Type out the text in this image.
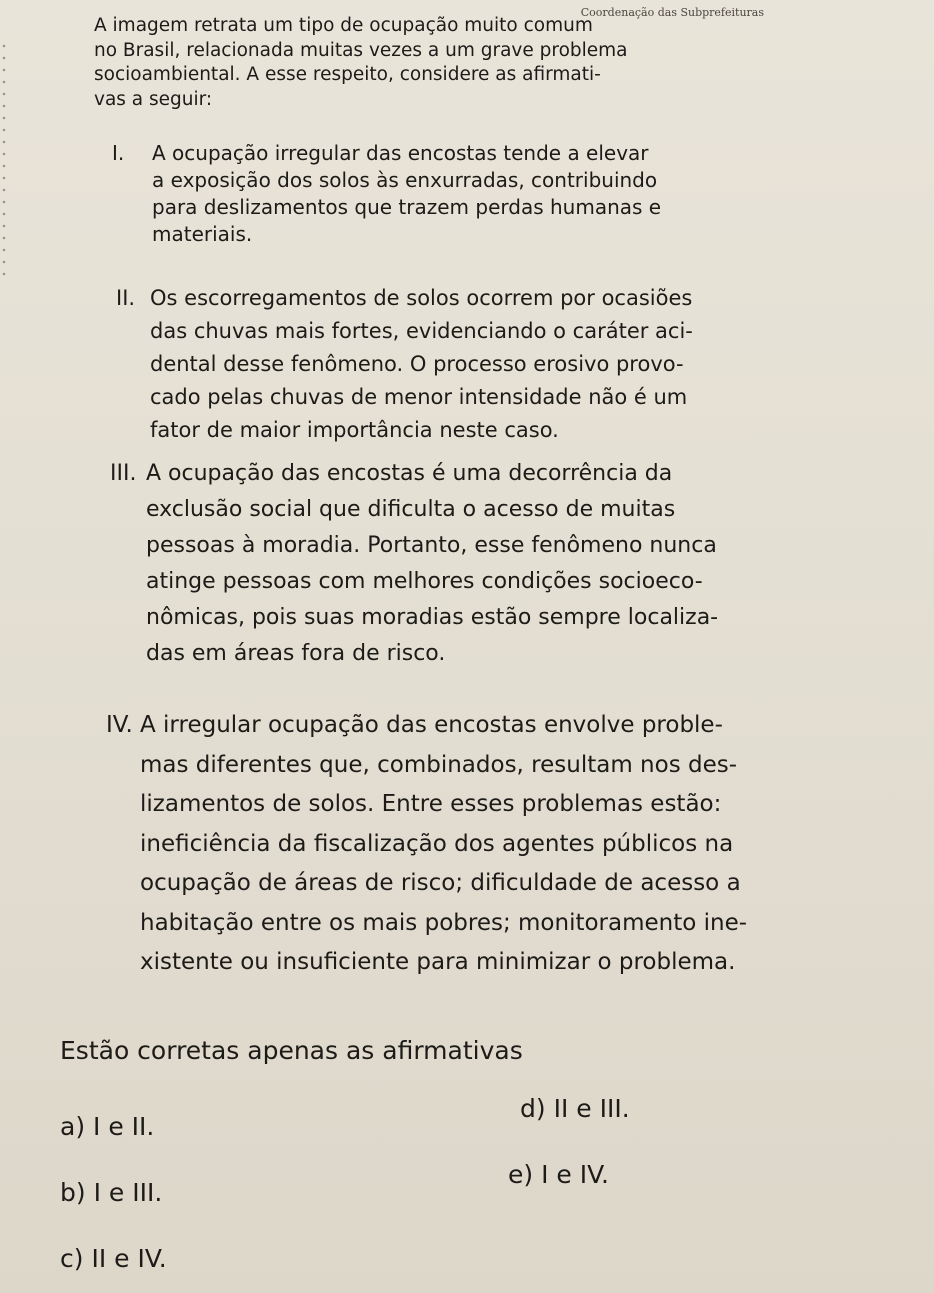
Coordenação das Subprefeituras
A imagem retrata um tipo de ocupação muito comum
no Brasil, relacionada muitas vezes a um grave problema
socioambiental. A esse respeito, considere as afirmati-
vas a seguir:
I. A ocupação irregular das encostas tende a elevar
a exposição dos solos às enxurradas, contribuindo
para deslizamentos que trazem perdas humanas e
materiais.
II. Os escorregamentos de solos ocorrem por ocasiões
das chuvas mais fortes, evidenciando o caráter aci-
dental desse fenômeno. O processo erosivo provo-
cado pelas chuvas de menor intensidade não é um
fator de maior importância neste caso.
III. A ocupação das encostas é uma decorrência da
exclusão social que dificulta o acesso de muitas
pessoas à moradia. Portanto, esse fenômeno nunca
atinge pessoas com melhores condições socioeco-
nômicas, pois suas moradias estão sempre localiza-
das em áreas fora de risco.
IV. A irregular ocupação das encostas envolve proble-
mas diferentes que, combinados, resultam nos des-
lizamentos de solos. Entre esses problemas estão:
ineficiência da fiscalização dos agentes públicos na
ocupação de áreas de risco; dificuldade de acesso a
habitação entre os mais pobres; monitoramento ine-
xistente ou insuficiente para minimizar o problema.
Estão corretas apenas as afirmativas
a) I e II.
b) I e III.
c) II e IV.
d) II e III.
e) I e IV.
